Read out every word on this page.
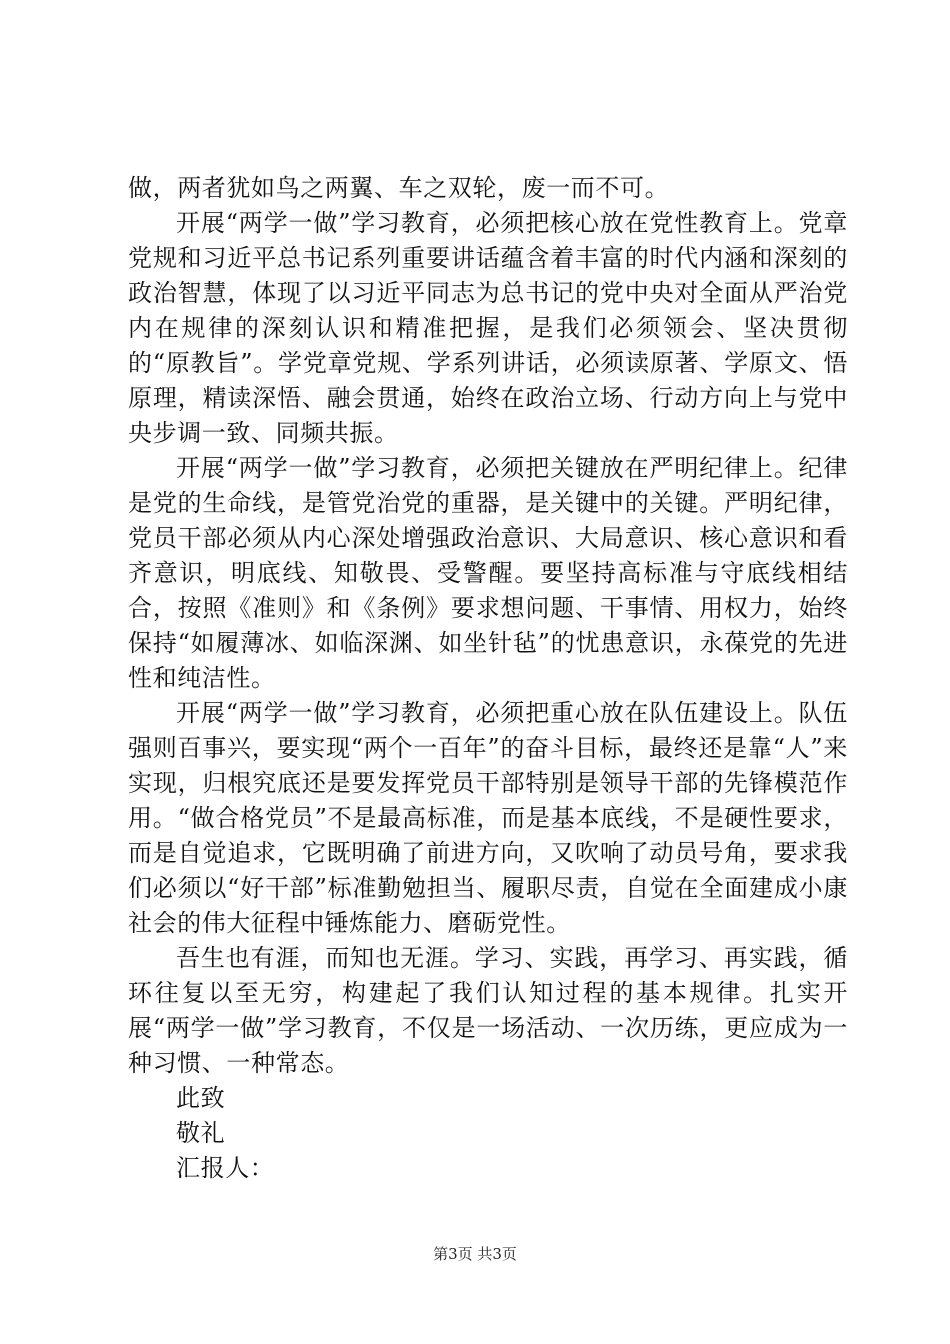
做，两者犹如鸟之两翼、车之双轮，废一而不可。

开展“两学一做”学习教育，必须把核心放在党性教育上。党章党规和习近平总书记系列重要讲话蕴含着丰富的时代内涵和深刻的政治智慧，体现了以习近平同志为总书记的党中央对全面从严治党内在规律的深刻认识和精准把握，是我们必须领会、坚决贯彻的“原教旨”。学党章党规、学系列讲话，必须读原著、学原文、悟原理，精读深悟、融会贯通，始终在政治立场、行动方向上与党中央步调一致、同频共振。

开展“两学一做”学习教育，必须把关键放在严明纪律上。纪律是党的生命线，是管党治党的重器，是关键中的关键。严明纪律，党员干部必须从内心深处增强政治意识、大局意识、核心意识和看齐意识，明底线、知敬畏、受警醒。要坚持高标准与守底线相结合，按照《准则》和《条例》要求想问题、干事情、用权力，始终保持“如履薄冰、如临深渊、如坐针毡”的忧患意识，永葆党的先进性和纯洁性。

开展“两学一做”学习教育，必须把重心放在队伍建设上。队伍强则百事兴，要实现“两个一百年”的奋斗目标，最终还是靠“人”来实现，归根究底还是要发挥党员干部特别是领导干部的先锋模范作用。“做合格党员”不是最高标准，而是基本底线，不是硬性要求，而是自觉追求，它既明确了前进方向，又吹响了动员号角，要求我们必须以“好干部”标准勤勉担当、履职尽责，自觉在全面建成小康社会的伟大征程中锤炼能力、磨砺党性。

吾生也有涯，而知也无涯。学习、实践，再学习、再实践，循环往复以至无穷，构建起了我们认知过程的基本规律。扎实开展“两学一做”学习教育，不仅是一场活动、一次历练，更应成为一种习惯、一种常态。

此致

敬礼

汇报人：

第3页 共3页
